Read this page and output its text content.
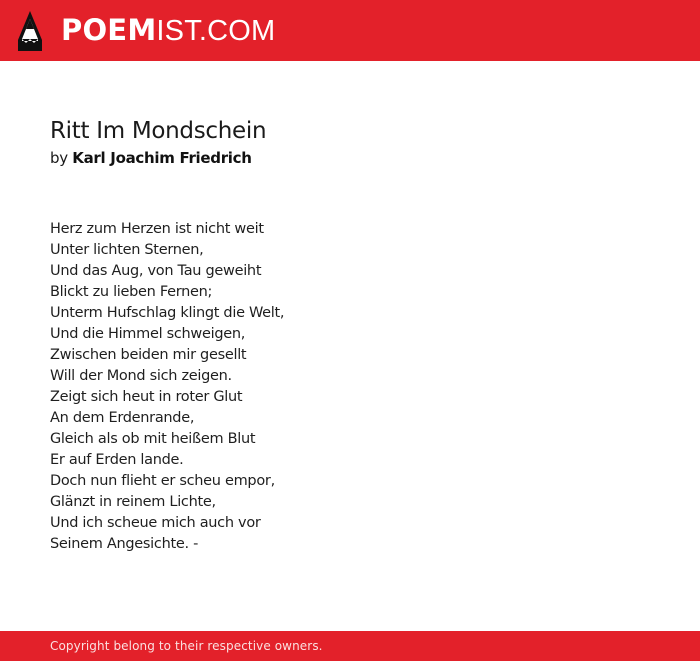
POEM IST.COM
Ritt Im Mondschein
by Karl Joachim Friedrich
Herz zum Herzen ist nicht weit
Unter lichten Sternen,
Und das Aug, von Tau geweiht
Blickt zu lieben Fernen;
Unterm Hufschlag klingt die Welt,
Und die Himmel schweigen,
Zwischen beiden mir gesellt
Will der Mond sich zeigen.
Zeigt sich heut in roter Glut
An dem Erdenrande,
Gleich als ob mit heißem Blut
Er auf Erden lande.
Doch nun flieht er scheu empor,
Glänzt in reinem Lichte,
Und ich scheue mich auch vor
Seinem Angesichte. -
Copyright belong to their respective owners.
